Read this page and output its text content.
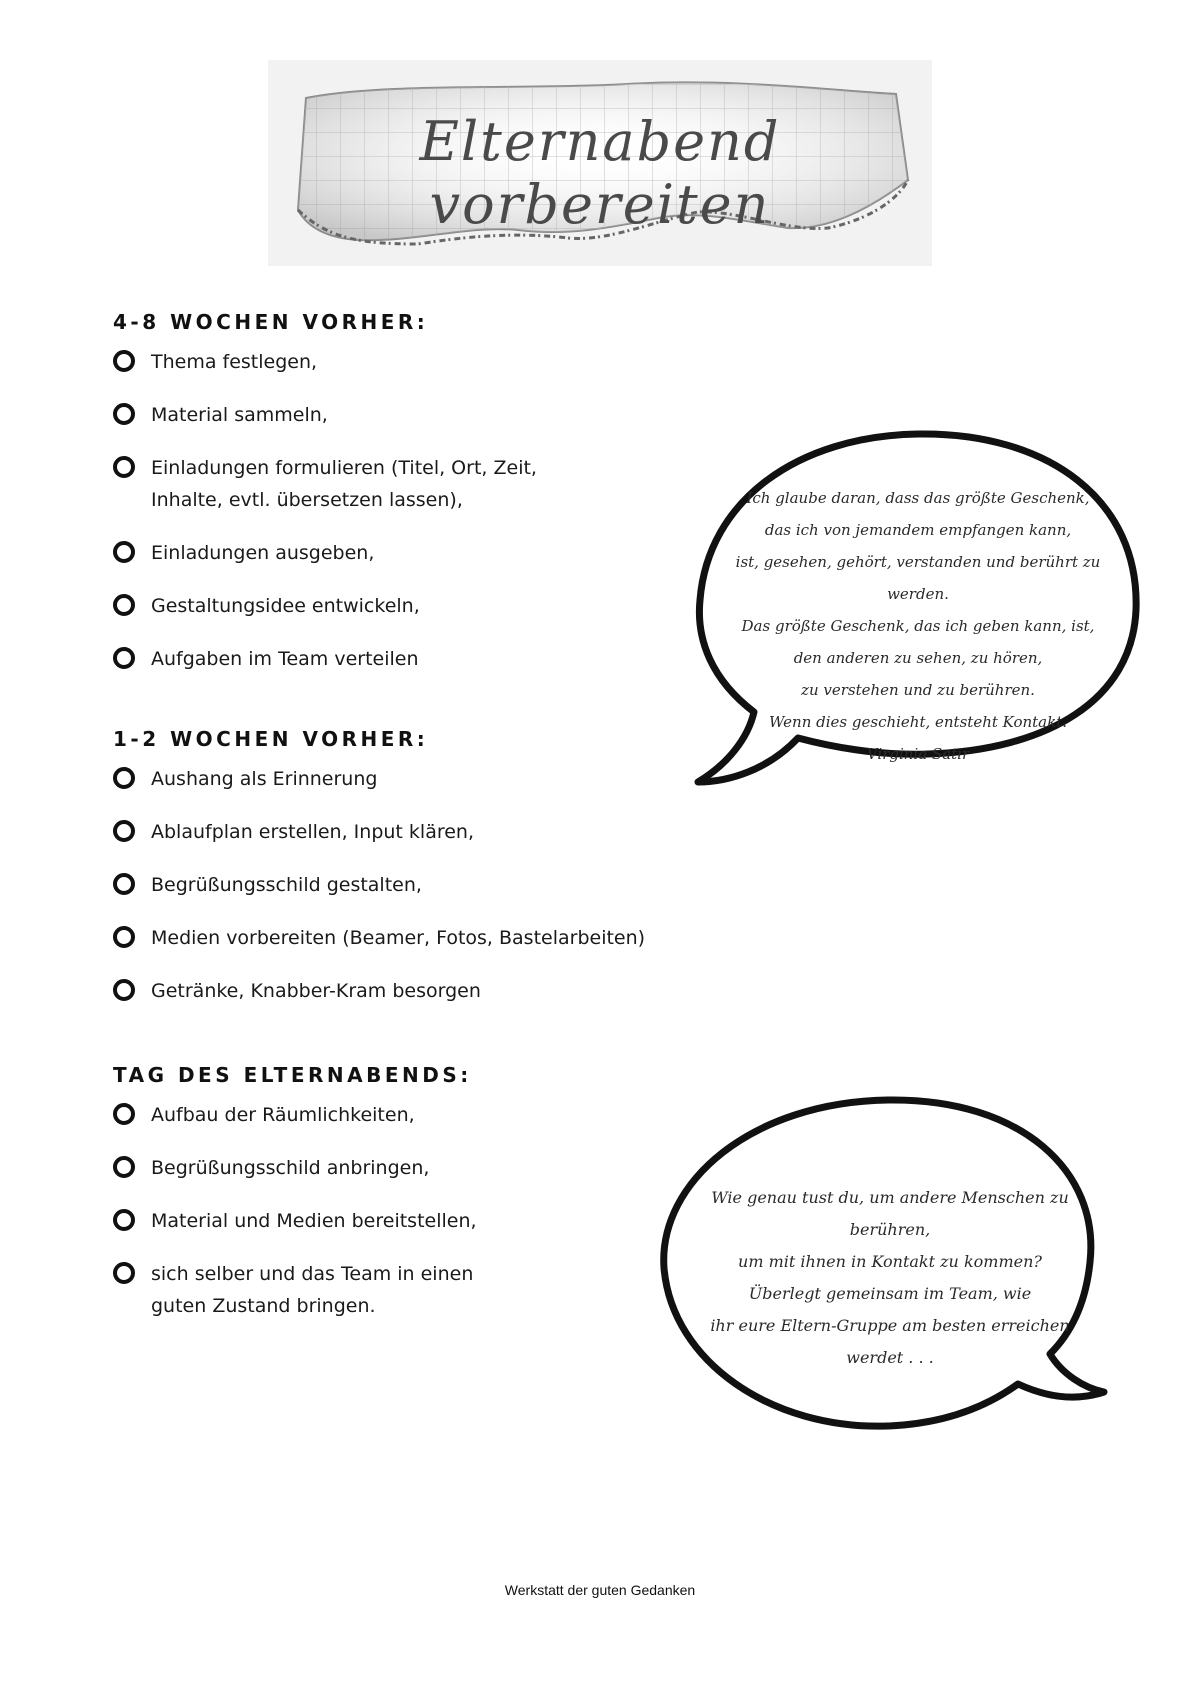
Elternabend vorbereiten
4-8 WOCHEN VORHER:
Thema festlegen,
Material sammeln,
Einladungen formulieren (Titel, Ort, Zeit, Inhalte, evtl. übersetzen lassen),
Einladungen ausgeben,
Gestaltungsidee entwickeln,
Aufgaben im Team verteilen
1-2 WOCHEN VORHER:
Aushang als Erinnerung
Ablaufplan erstellen, Input klären,
Begrüßungsschild gestalten,
Medien vorbereiten (Beamer, Fotos, Bastelarbeiten)
Getränke, Knabber-Kram besorgen
TAG DES ELTERNABENDS:
Aufbau der Räumlichkeiten,
Begrüßungsschild anbringen,
Material und Medien bereitstellen,
sich selber und das Team in einen guten Zustand bringen.
Ich glaube daran, dass das größte Geschenk,
das ich von jemandem empfangen kann,
ist, gesehen, gehört, verstanden und berührt zu werden.
Das größte Geschenk, das ich geben kann, ist,
den anderen zu sehen, zu hören,
zu verstehen und zu berühren.
Wenn dies geschieht, entsteht Kontakt.
Virginia Satir
Wie genau tust du, um andere Menschen zu berühren,
um mit ihnen in Kontakt zu kommen?
Überlegt gemeinsam im Team, wie
ihr eure Eltern-Gruppe am besten erreichen werdet . . .
Werkstatt der guten Gedanken
